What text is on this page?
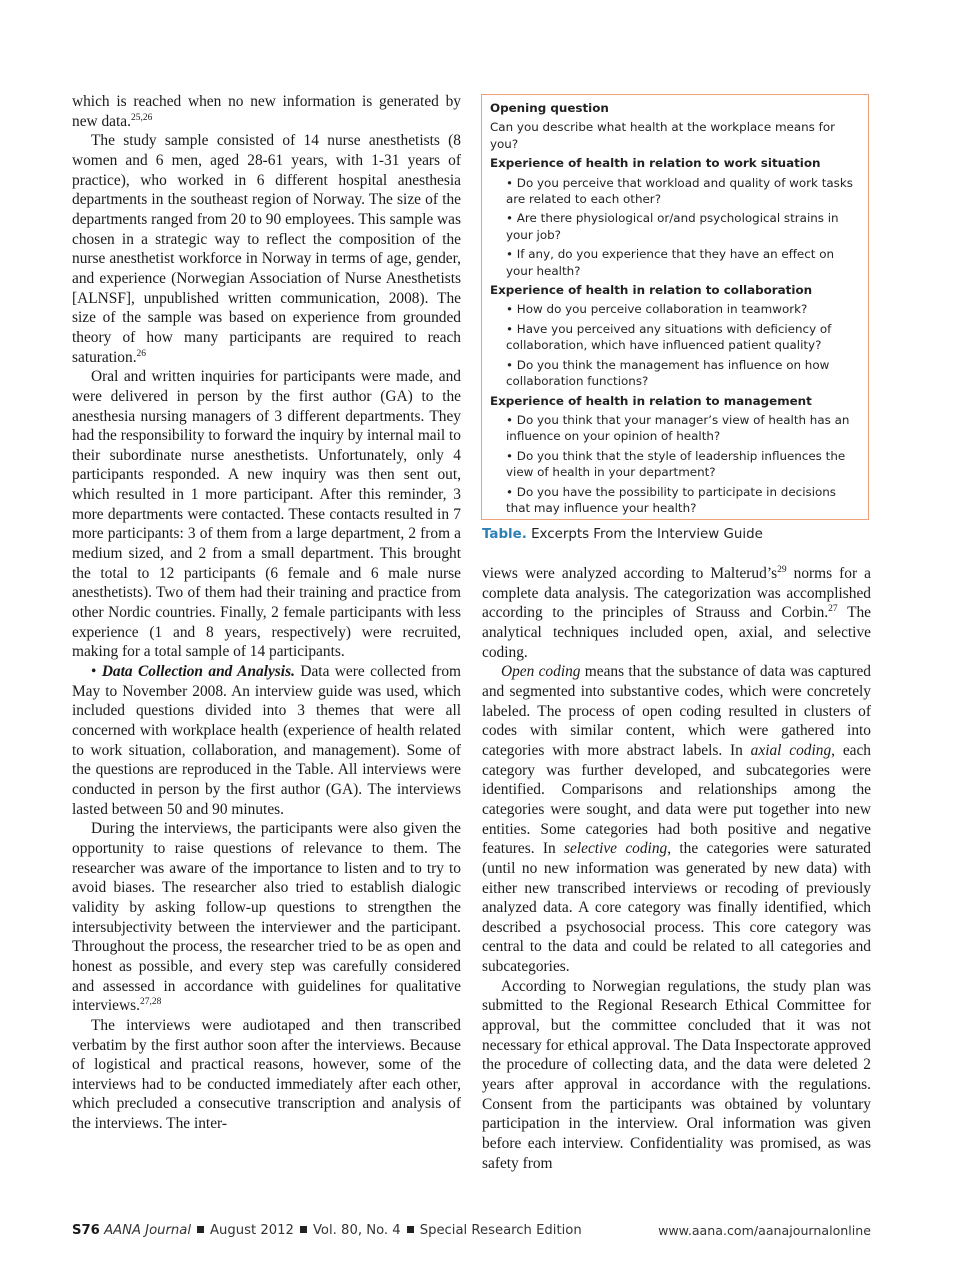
which is reached when no new information is generated by new data.$^{25,26}$

The study sample consisted of 14 nurse anesthetists (8 women and 6 men, aged 28-61 years, with 1-31 years of practice), who worked in 6 different hospital anesthesia departments in the southeast region of Norway. The size of the departments ranged from 20 to 90 employees. This sample was chosen in a strategic way to reflect the composition of the nurse anesthetist workforce in Norway in terms of age, gender, and experience (Norwegian Association of Nurse Anesthetists [ALNSF], unpublished written communication, 2008). The size of the sample was based on experience from grounded theory of how many participants are required to reach saturation.$^{26}$

Oral and written inquiries for participants were made, and were delivered in person by the first author (GA) to the anesthesia nursing managers of 3 different departments. They had the responsibility to forward the inquiry by internal mail to their subordinate nurse anesthetists. Unfortunately, only 4 participants responded. A new inquiry was then sent out, which resulted in 1 more participant. After this reminder, 3 more departments were contacted. These contacts resulted in 7 more participants: 3 of them from a large department, 2 from a medium sized, and 2 from a small department. This brought the total to 12 participants (6 female and 6 male nurse anesthetists). Two of them had their training and practice from other Nordic countries. Finally, 2 female participants with less experience (1 and 8 years, respectively) were recruited, making for a total sample of 14 participants.

• Data Collection and Analysis. Data were collected from May to November 2008. An interview guide was used, which included questions divided into 3 themes that were all concerned with workplace health (experience of health related to work situation, collaboration, and management). Some of the questions are reproduced in the Table. All interviews were conducted in person by the first author (GA). The interviews lasted between 50 and 90 minutes.

During the interviews, the participants were also given the opportunity to raise questions of relevance to them. The researcher was aware of the importance to listen and to try to avoid biases. The researcher also tried to establish dialogic validity by asking follow-up questions to strengthen the intersubjectivity between the interviewer and the participant. Throughout the process, the researcher tried to be as open and honest as possible, and every step was carefully considered and assessed in accordance with guidelines for qualitative interviews.$^{27,28}$

The interviews were audiotaped and then transcribed verbatim by the first author soon after the interviews. Because of logistical and practical reasons, however, some of the interviews had to be conducted immediately after each other, which precluded a consecutive transcription and analysis of the interviews. The inter-

Opening question
Can you describe what health at the workplace means for you?
Experience of health in relation to work situation
• Do you perceive that workload and quality of work tasks are related to each other?
• Are there physiological or/and psychological strains in your job?
• If any, do you experience that they have an effect on your health?
Experience of health in relation to collaboration
• How do you perceive collaboration in teamwork?
• Have you perceived any situations with deficiency of collaboration, which have influenced patient quality?
• Do you think the management has influence on how collaboration functions?
Experience of health in relation to management
• Do you think that your manager’s view of health has an influence on your opinion of health?
• Do you think that the style of leadership influences the view of health in your department?
• Do you have the possibility to participate in decisions that may influence your health?
Table. Excerpts From the Interview Guide

views were analyzed according to $Malterud’s^{29}$ norms for a complete data analysis. The categorization was accomplished according to the principles of Strauss and Corbin.$^{27}$ The analytical techniques included open, axial, and selective coding.

Open coding means that the substance of data was captured and segmented into substantive codes, which were concretely labeled. The process of open coding resulted in clusters of codes with similar content, which were gathered into categories with more abstract labels. In axial coding, each category was further developed, and subcategories were identified. Comparisons and relationships among the categories were sought, and data were put together into new entities. Some categories had both positive and negative features. In selective coding, the categories were saturated (until no new information was generated by new data) with either new transcribed interviews or recoding of previously analyzed data. A core category was finally identified, which described a psychosocial process. This core category was central to the data and could be related to all categories and subcategories.

According to Norwegian regulations, the study plan was submitted to the Regional Research Ethical Committee for approval, but the committee concluded that it was not necessary for ethical approval. The Data Inspectorate approved the procedure of collecting data, and the data were deleted 2 years after approval in accordance with the regulations. Consent from the participants was obtained by voluntary participation in the interview. Oral information was given before each interview. Confidentiality was promised, as was safety from

S76 AANA Journal August 2012 Vol. 80, No. 4 Special Research Edition	www.aana.com/aanajournalonline
